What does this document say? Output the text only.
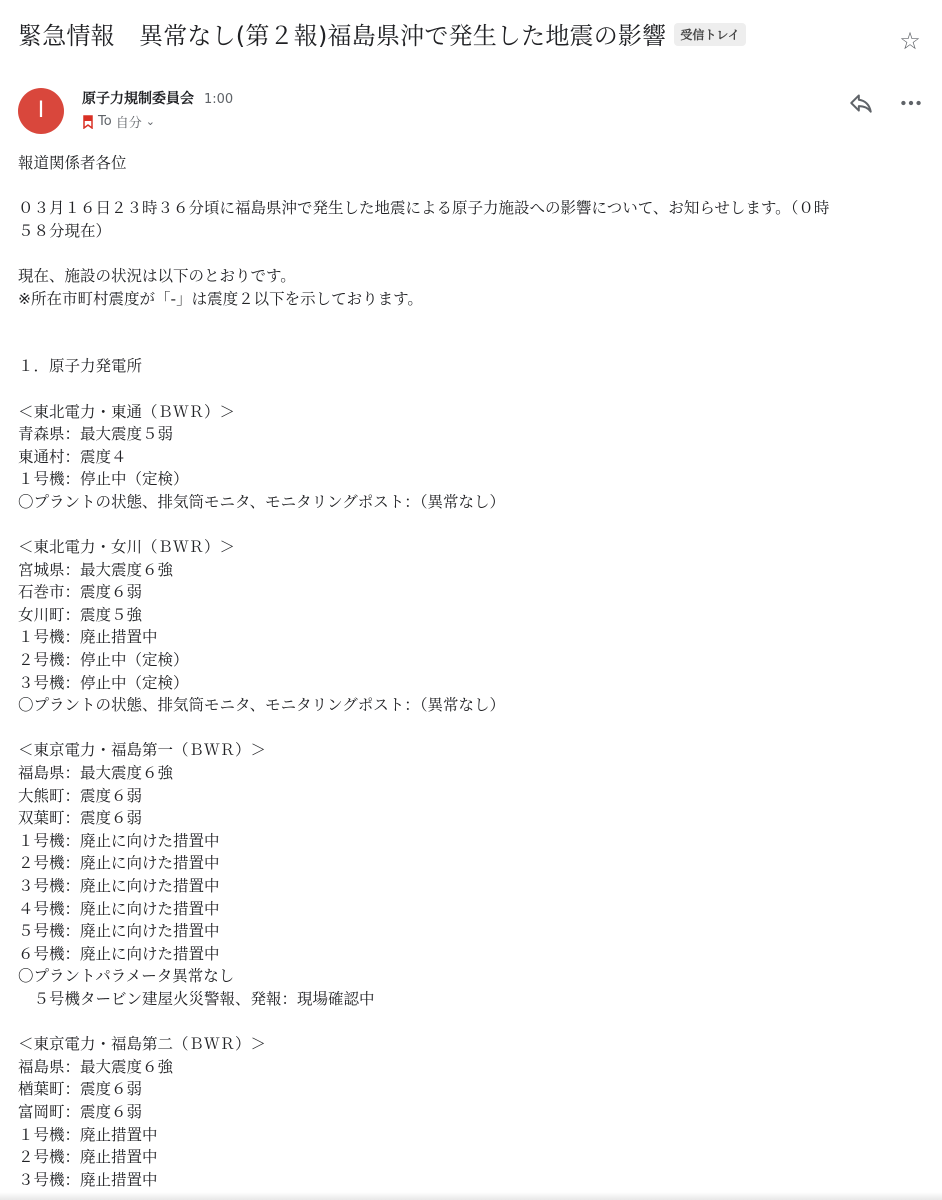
緊急情報　異常なし(第２報)福島県沖で発生した地震の影響	受信トレイ	☆
I	原子力規制委員会 1:00
To 自分 ⌄
報道関係者各位
０３月１６日２３時３６分頃に福島県沖で発生した地震による原子力施設への影響について、お知らせします。（０時
５８分現在）
現在、施設の状況は以下のとおりです。
※所在市町村震度が「-」は震度２以下を示しております。
１．原子力発電所
＜東北電力・東通（ＢＷＲ）＞
青森県：最大震度５弱
東通村：震度４
１号機：停止中（定検）
〇プラントの状態、排気筒モニタ、モニタリングポスト：（異常なし）
＜東北電力・女川（ＢＷＲ）＞
宮城県：最大震度６強
石巻市：震度６弱
女川町：震度５強
１号機：廃止措置中
２号機：停止中（定検）
３号機：停止中（定検）
〇プラントの状態、排気筒モニタ、モニタリングポスト：（異常なし）
＜東京電力・福島第一（ＢＷＲ）＞
福島県：最大震度６強
大熊町：震度６弱
双葉町：震度６弱
１号機：廃止に向けた措置中
２号機：廃止に向けた措置中
３号機：廃止に向けた措置中
４号機：廃止に向けた措置中
５号機：廃止に向けた措置中
６号機：廃止に向けた措置中
〇プラントパラメータ異常なし
　５号機タービン建屋火災警報、発報：現場確認中
＜東京電力・福島第二（ＢＷＲ）＞
福島県：最大震度６強
楢葉町：震度６弱
富岡町：震度６弱
１号機：廃止措置中
２号機：廃止措置中
３号機：廃止措置中
